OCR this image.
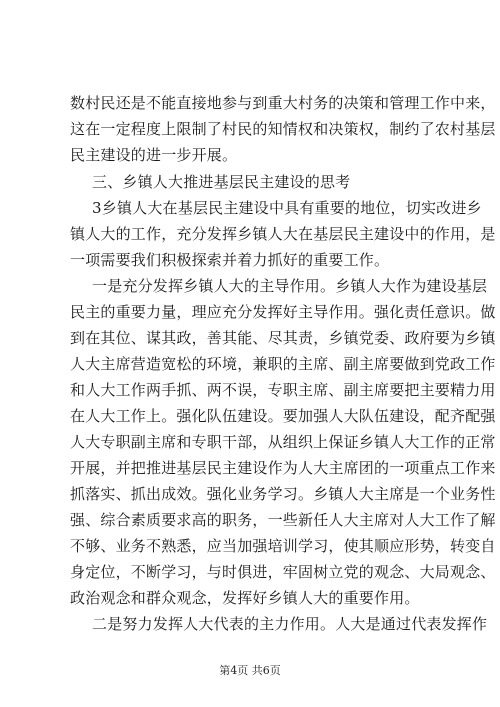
数村民还是不能直接地参与到重大村务的决策和管理工作中来，
这在一定程度上限制了村民的知情权和决策权，制约了农村基层
民主建设的进一步开展。
三、乡镇人大推进基层民主建设的思考
3乡镇人大在基层民主建设中具有重要的地位，切实改进乡
镇人大的工作，充分发挥乡镇人大在基层民主建设中的作用，是
一项需要我们积极探索并着力抓好的重要工作。
一是充分发挥乡镇人大的主导作用。乡镇人大作为建设基层
民主的重要力量，理应充分发挥好主导作用。强化责任意识。做
到在其位、谋其政，善其能、尽其责，乡镇党委、政府要为乡镇
人大主席营造宽松的环境，兼职的主席、副主席要做到党政工作
和人大工作两手抓、两不误，专职主席、副主席要把主要精力用
在人大工作上。强化队伍建设。要加强人大队伍建设，配齐配强
人大专职副主席和专职干部，从组织上保证乡镇人大工作的正常
开展，并把推进基层民主建设作为人大主席团的一项重点工作来
抓落实、抓出成效。强化业务学习。乡镇人大主席是一个业务性
强、综合素质要求高的职务，一些新任人大主席对人大工作了解
不够、业务不熟悉，应当加强培训学习，使其顺应形势，转变自
身定位，不断学习，与时俱进，牢固树立党的观念、大局观念、
政治观念和群众观念，发挥好乡镇人大的重要作用。
二是努力发挥人大代表的主力作用。人大是通过代表发挥作
第4页 共6页
